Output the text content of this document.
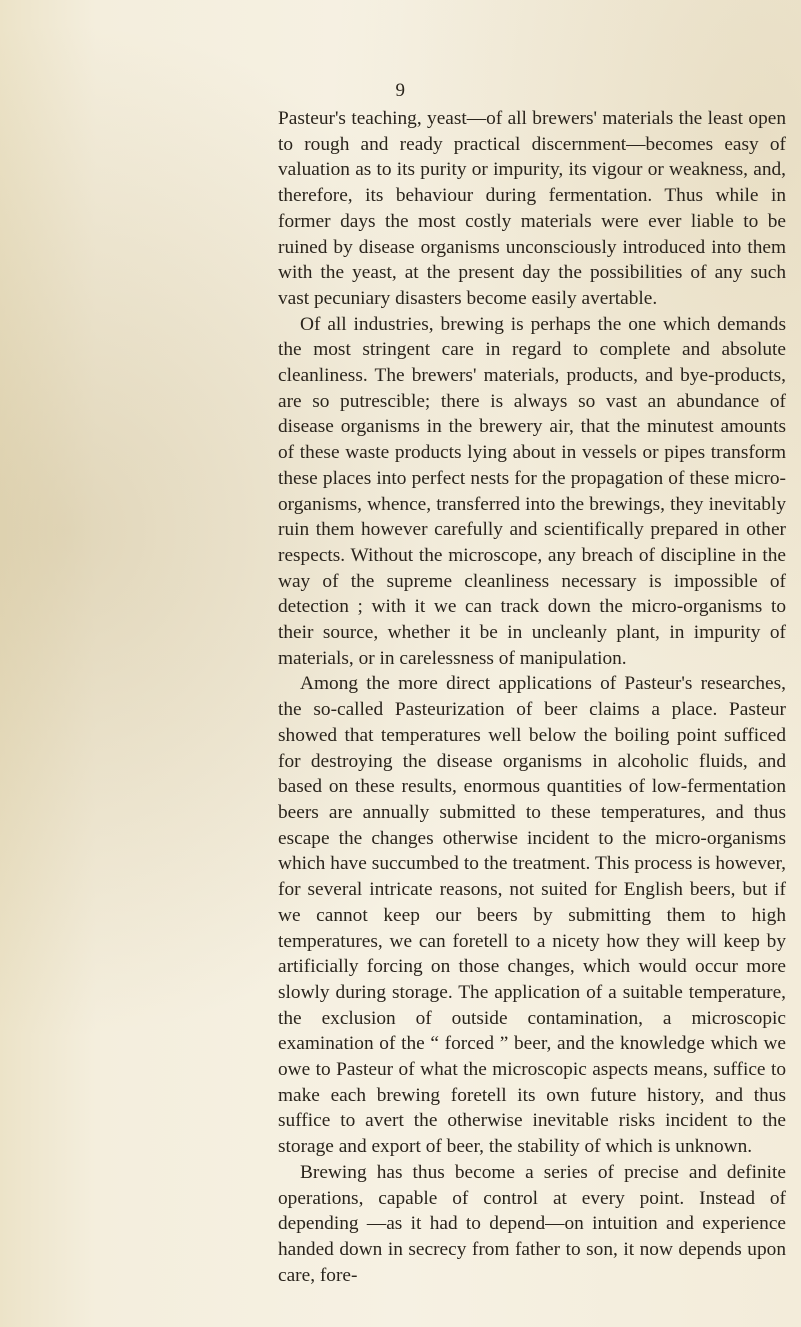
9

Pasteur's teaching, yeast—of all brewers' materials the least open to rough and ready practical discernment—becomes easy of valuation as to its purity or impurity, its vigour or weakness, and, therefore, its behaviour during fermentation. Thus while in former days the most costly materials were ever liable to be ruined by disease organisms unconsciously introduced into them with the yeast, at the present day the possibilities of any such vast pecuniary disasters become easily avertable.

Of all industries, brewing is perhaps the one which demands the most stringent care in regard to complete and absolute cleanliness. The brewers' materials, products, and bye-products, are so putrescible; there is always so vast an abundance of disease organisms in the brewery air, that the minutest amounts of these waste products lying about in vessels or pipes transform these places into perfect nests for the propagation of these micro-organisms, whence, transferred into the brewings, they inevitably ruin them however carefully and scientifically prepared in other respects. Without the microscope, any breach of discipline in the way of the supreme cleanliness necessary is impossible of detection ; with it we can track down the micro-organisms to their source, whether it be in uncleanly plant, in impurity of materials, or in carelessness of manipulation.

Among the more direct applications of Pasteur's researches, the so-called Pasteurization of beer claims a place. Pasteur showed that temperatures well below the boiling point sufficed for destroying the disease organisms in alcoholic fluids, and based on these results, enormous quantities of low-fermentation beers are annually submitted to these temperatures, and thus escape the changes otherwise incident to the micro-organisms which have succumbed to the treatment. This process is however, for several intricate reasons, not suited for English beers, but if we cannot keep our beers by submitting them to high temperatures, we can foretell to a nicety how they will keep by artificially forcing on those changes, which would occur more slowly during storage. The application of a suitable temperature, the exclusion of outside contamination, a microscopic examination of the “ forced ” beer, and the knowledge which we owe to Pasteur of what the microscopic aspects means, suffice to make each brewing foretell its own future history, and thus suffice to avert the otherwise inevitable risks incident to the storage and export of beer, the stability of which is unknown.

Brewing has thus become a series of precise and definite operations, capable of control at every point. Instead of depending —as it had to depend—on intuition and experience handed down in secrecy from father to son, it now depends upon care, fore-
